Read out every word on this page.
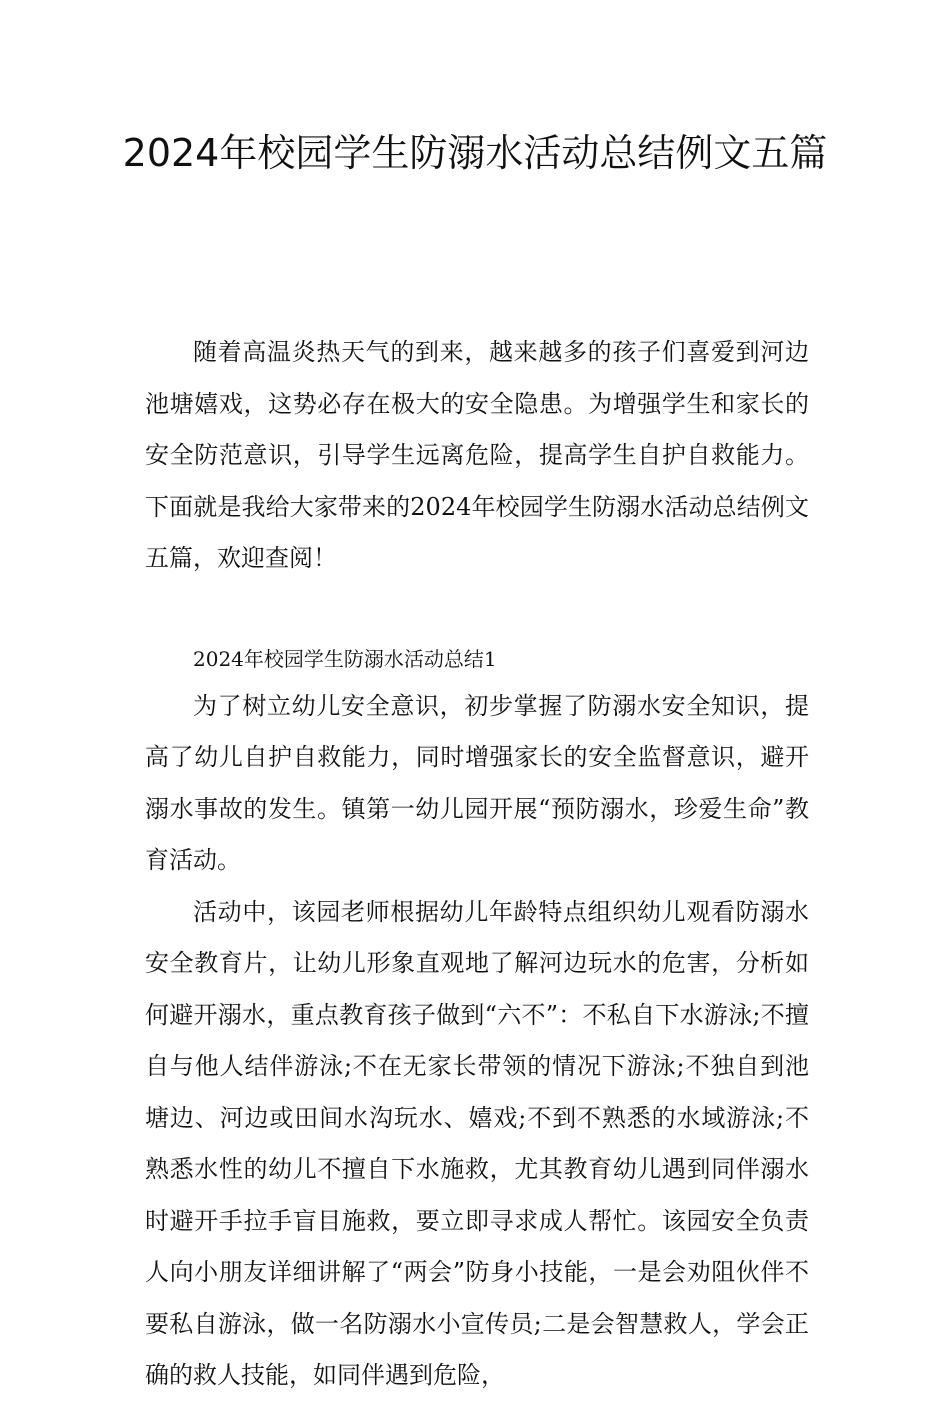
2024年校园学生防溺水活动总结例文五篇

随着高温炎热天气的到来，越来越多的孩子们喜爱到河边池塘嬉戏，这势必存在极大的安全隐患。为增强学生和家长的安全防范意识，引导学生远离危险，提高学生自护自救能力。下面就是我给大家带来的2024年校园学生防溺水活动总结例文五篇，欢迎查阅！

2024年校园学生防溺水活动总结1

为了树立幼儿安全意识，初步掌握了防溺水安全知识，提高了幼儿自护自救能力，同时增强家长的安全监督意识，避开溺水事故的发生。镇第一幼儿园开展“预防溺水，珍爱生命”教育活动。

活动中，该园老师根据幼儿年龄特点组织幼儿观看防溺水安全教育片，让幼儿形象直观地了解河边玩水的危害，分析如何避开溺水，重点教育孩子做到“六不”：不私自下水游泳;不擅自与他人结伴游泳;不在无家长带领的情况下游泳;不独自到池塘边、河边或田间水沟玩水、嬉戏;不到不熟悉的水域游泳;不熟悉水性的幼儿不擅自下水施救，尤其教育幼儿遇到同伴溺水时避开手拉手盲目施救，要立即寻求成人帮忙。该园安全负责人向小朋友详细讲解了“两会”防身小技能，一是会劝阻伙伴不要私自游泳，做一名防溺水小宣传员;二是会智慧救人，学会正确的救人技能，如同伴遇到危险，
